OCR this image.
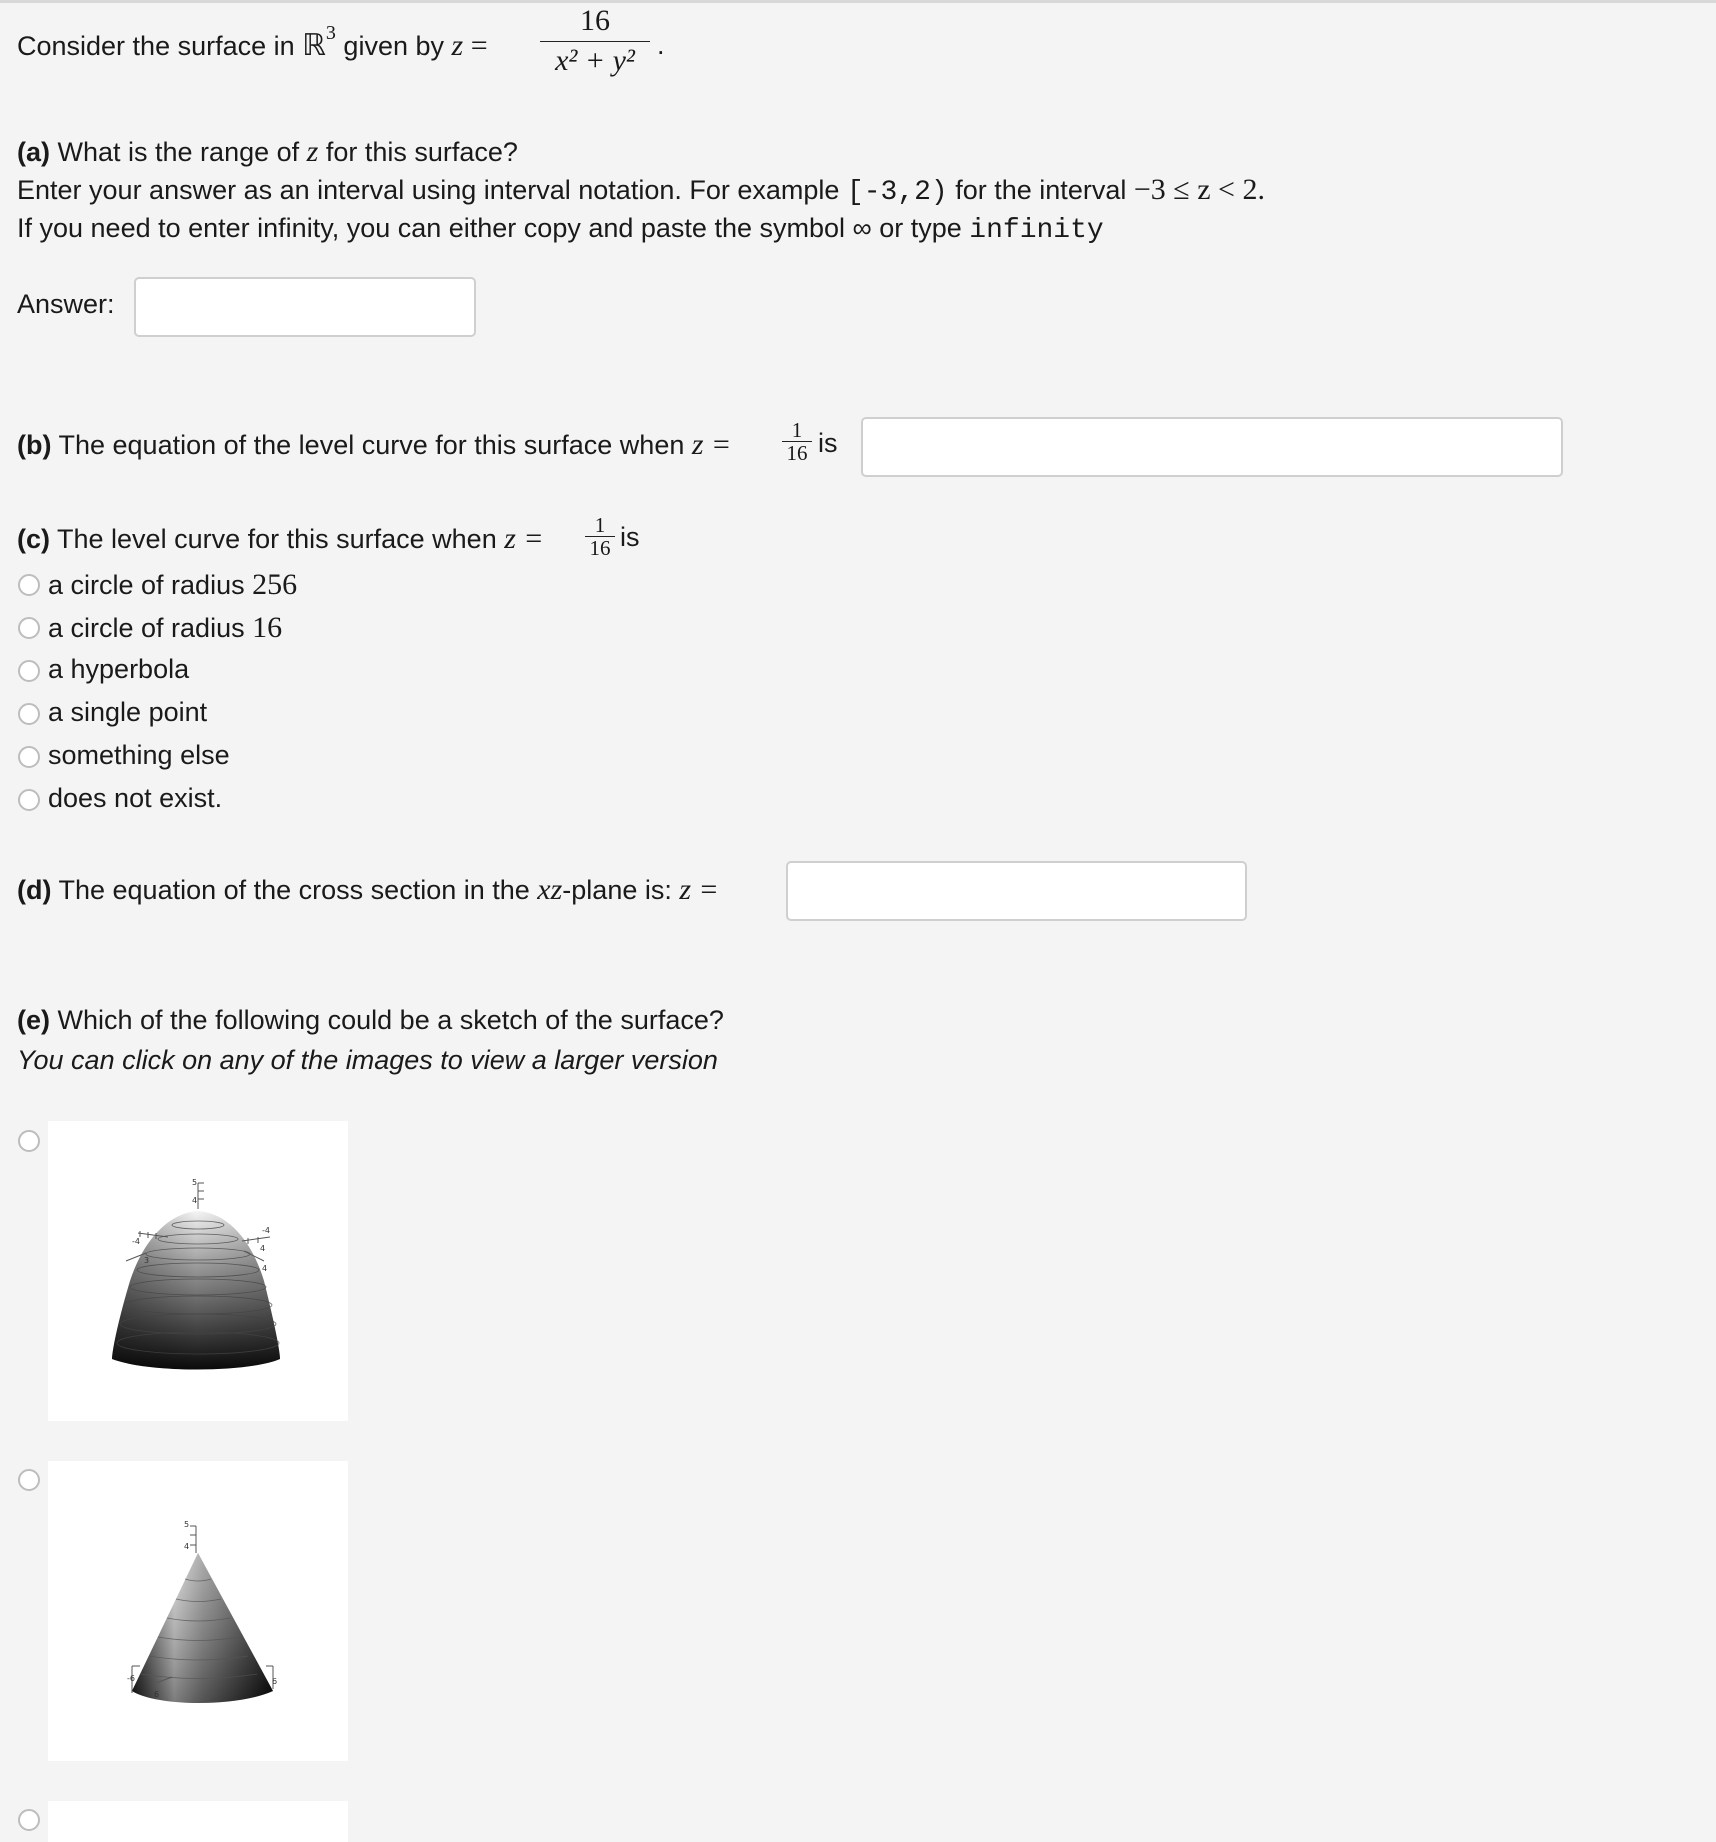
Consider the surface in ℝ$^3$ given by z =
16
x² + y² .
(a) What is the range of z for this surface?
Enter your answer as an interval using interval notation. For example [-3,2) for the interval −3 ≤ z < 2.
If you need to enter infinity, you can either copy and paste the symbol ∞ or type infinity
Answer:
(b) The equation of the level curve for this surface when z =	1
16 is
(c) The level curve for this surface when z =	1
16 is
a circle of radius 256
a circle of radius 16
a hyperbola
a single point
something else
does not exist.
(d) The equation of the cross section in the xz-plane is: z =
(e) Which of the following could be a sketch of the surface?
You can click on any of the images to view a larger version
5
4
-4
-4
4
4
3
5
4
-6	6
6
